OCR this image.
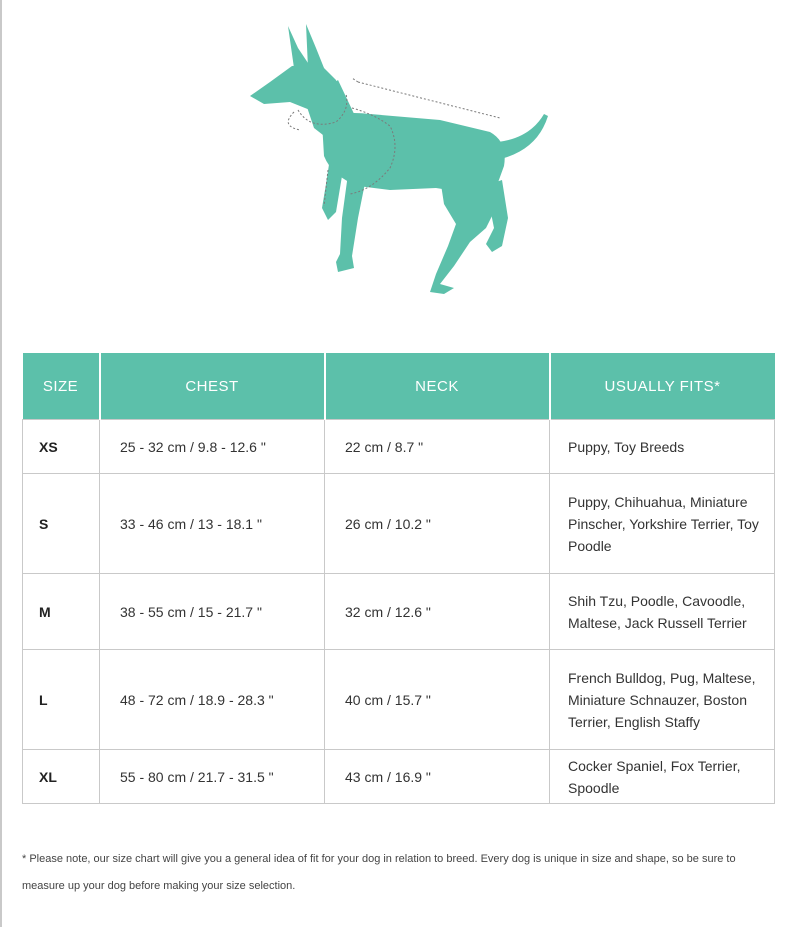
SIZE	CHEST	NECK	USUALLY FITS*
XS	25 - 32 cm / 9.8 - 12.6 "	22 cm / 8.7 "	Puppy, Toy Breeds
S	33 - 46 cm / 13 - 18.1 "	26 cm / 10.2 "	Puppy, Chihuahua, Miniature Pinscher, Yorkshire Terrier, Toy Poodle
M	38 - 55 cm / 15 - 21.7 "	32 cm / 12.6 "	Shih Tzu, Poodle, Cavoodle, Maltese, Jack Russell Terrier
L	48 - 72 cm / 18.9 - 28.3 "	40 cm / 15.7 "	French Bulldog, Pug, Maltese, Miniature Schnauzer, Boston Terrier, English Staffy
XL	55 - 80 cm / 21.7 - 31.5 "	43 cm / 16.9 "	Cocker Spaniel, Fox Terrier, Spoodle
* Please note, our size chart will give you a general idea of fit for your dog in relation to breed. Every dog is unique in size and shape, so be sure to measure up your dog before making your size selection.
